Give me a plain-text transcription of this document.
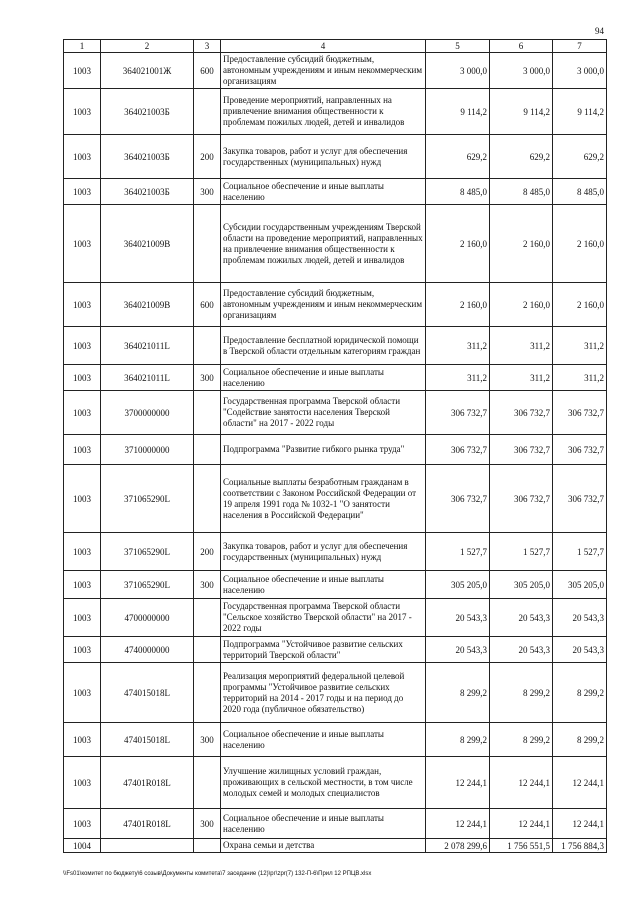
94
1	2	3	4	5	6	7
1003	364021001Ж	600	Предоставление субсидий бюджетным, автономным учреждениям и иным некоммерческим организациям	3 000,0	3 000,0	3 000,0
1003	364021003Б		Проведение мероприятий, направленных на привлечение внимания общественности к проблемам пожилых людей, детей и инвалидов	9 114,2	9 114,2	9 114,2
1003	364021003Б	200	Закупка товаров, работ и услуг для обеспечения государственных (муниципальных) нужд	629,2	629,2	629,2
1003	364021003Б	300	Социальное обеспечение и иные выплаты населению	8 485,0	8 485,0	8 485,0
1003	364021009В		Субсидии государственным учреждениям Тверской области на проведение мероприятий, направленных на привлечение внимания общественности к проблемам пожилых людей, детей и инвалидов	2 160,0	2 160,0	2 160,0
1003	364021009В	600	Предоставление субсидий бюджетным, автономным учреждениям и иным некоммерческим организациям	2 160,0	2 160,0	2 160,0
1003	364021011L		Предоставление бесплатной юридической помощи в Тверской области отдельным категориям граждан	311,2	311,2	311,2
1003	364021011L	300	Социальное обеспечение и иные выплаты населению	311,2	311,2	311,2
1003	3700000000		Государственная программа Тверской области "Содействие занятости населения Тверской области" на 2017 - 2022 годы	306 732,7	306 732,7	306 732,7
1003	3710000000		Подпрограмма "Развитие гибкого рынка труда"	306 732,7	306 732,7	306 732,7
1003	371065290L		Социальные выплаты безработным гражданам в соответствии с Законом Российской Федерации от 19 апреля 1991 года № 1032-1 "О занятости населения в Российской Федерации"	306 732,7	306 732,7	306 732,7
1003	371065290L	200	Закупка товаров, работ и услуг для обеспечения государственных (муниципальных) нужд	1 527,7	1 527,7	1 527,7
1003	371065290L	300	Социальное обеспечение и иные выплаты населению	305 205,0	305 205,0	305 205,0
1003	4700000000		Государственная программа Тверской области "Сельское хозяйство Тверской области" на 2017 - 2022 годы	20 543,3	20 543,3	20 543,3
1003	4740000000		Подпрограмма "Устойчивое развитие сельских территорий Тверской области"	20 543,3	20 543,3	20 543,3
1003	474015018L		Реализация мероприятий федеральной целевой программы "Устойчивое развитие сельских территорий на 2014 - 2017 годы и на период до 2020 года (публичное обязательство)	8 299,2	8 299,2	8 299,2
1003	474015018L	300	Социальное обеспечение и иные выплаты населению	8 299,2	8 299,2	8 299,2
1003	47401R018L		Улучшение жилищных условий граждан, проживающих в сельской местности, в том числе молодых семей и молодых специалистов	12 244,1	12 244,1	12 244,1
1003	47401R018L	300	Социальное обеспечение и иные выплаты населению	12 244,1	12 244,1	12 244,1
1004			Охрана семьи и детства	2 078 299,6	1 756 551,5	1 756 884,3
\\Fs01\комитет по бюджету\6 созыв\Документы комитета\7 заседание (12)\рг\zpr(7) 132-П-6\Прил 12 РПЦВ.xlsx
